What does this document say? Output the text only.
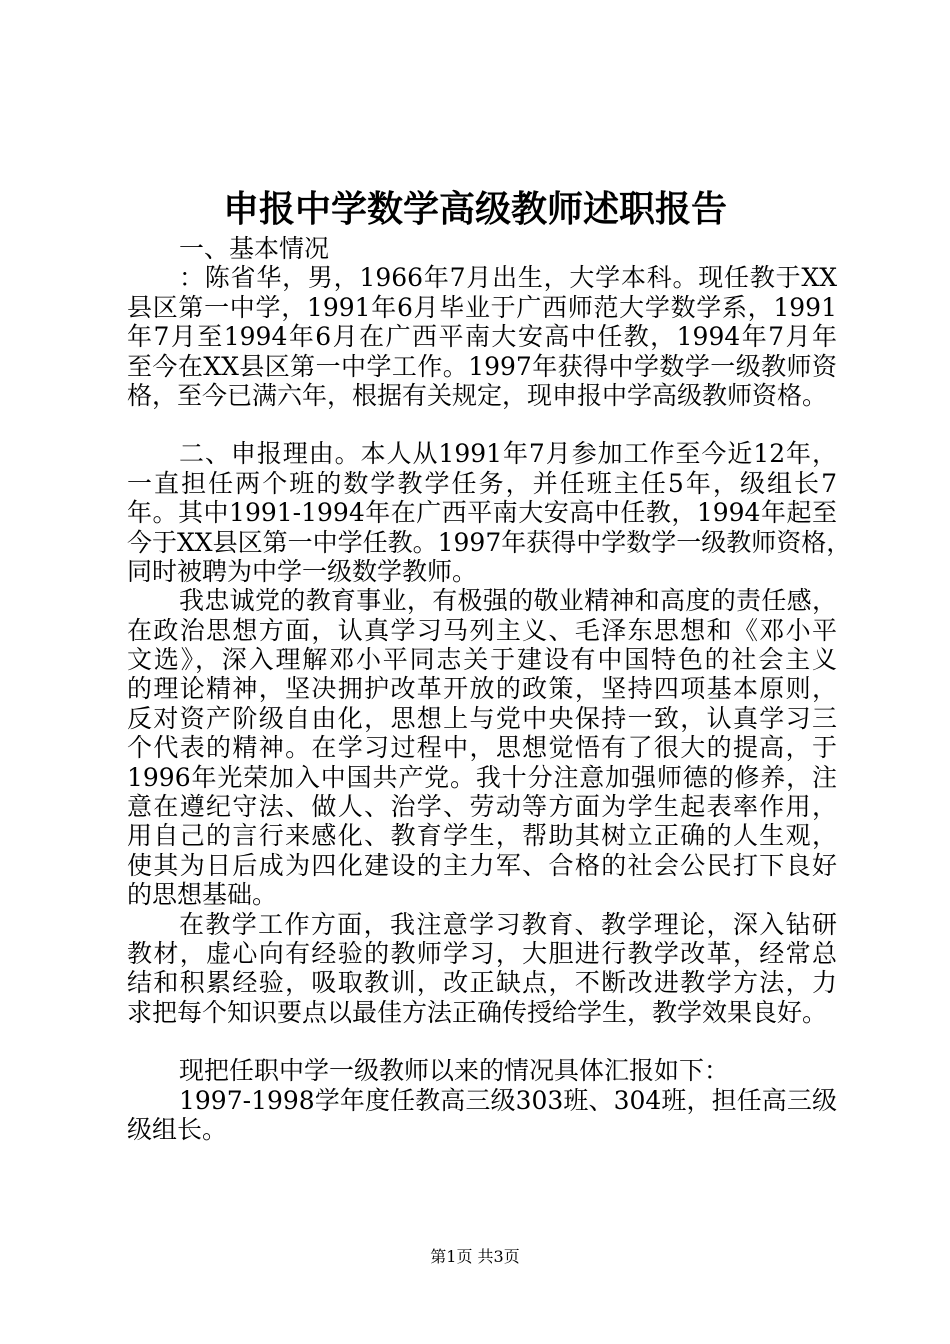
申报中学数学高级教师述职报告
一、基本情况
：陈省华，男，1966年7月出生，大学本科。现任教于XX
县区第一中学，1991年6月毕业于广西师范大学数学系，1991
年7月至1994年6月在广西平南大安高中任教，1994年7月年
至今在XX县区第一中学工作。1997年获得中学数学一级教师资
格，至今已满六年，根据有关规定，现申报中学高级教师资格。
二、申报理由。本人从1991年7月参加工作至今近12年，
一直担任两个班的数学教学任务，并任班主任5年，级组长7
年。其中1991-1994年在广西平南大安高中任教，1994年起至
今于XX县区第一中学任教。1997年获得中学数学一级教师资格，
同时被聘为中学一级数学教师。
我忠诚党的教育事业，有极强的敬业精神和高度的责任感，
在政治思想方面，认真学习马列主义、毛泽东思想和《邓小平
文选》，深入理解邓小平同志关于建设有中国特色的社会主义
的理论精神，坚决拥护改革开放的政策，坚持四项基本原则，
反对资产阶级自由化，思想上与党中央保持一致，认真学习三
个代表的精神。在学习过程中，思想觉悟有了很大的提高，于
1996年光荣加入中国共产党。我十分注意加强师德的修养，注
意在遵纪守法、做人、治学、劳动等方面为学生起表率作用，
用自己的言行来感化、教育学生，帮助其树立正确的人生观，
使其为日后成为四化建设的主力军、合格的社会公民打下良好
的思想基础。
在教学工作方面，我注意学习教育、教学理论，深入钻研
教材，虚心向有经验的教师学习，大胆进行教学改革，经常总
结和积累经验，吸取教训，改正缺点，不断改进教学方法，力
求把每个知识要点以最佳方法正确传授给学生，教学效果良好。
现把任职中学一级教师以来的情况具体汇报如下：
1997-1998学年度任教高三级303班、304班，担任高三级
级组长。

第1页 共3页
